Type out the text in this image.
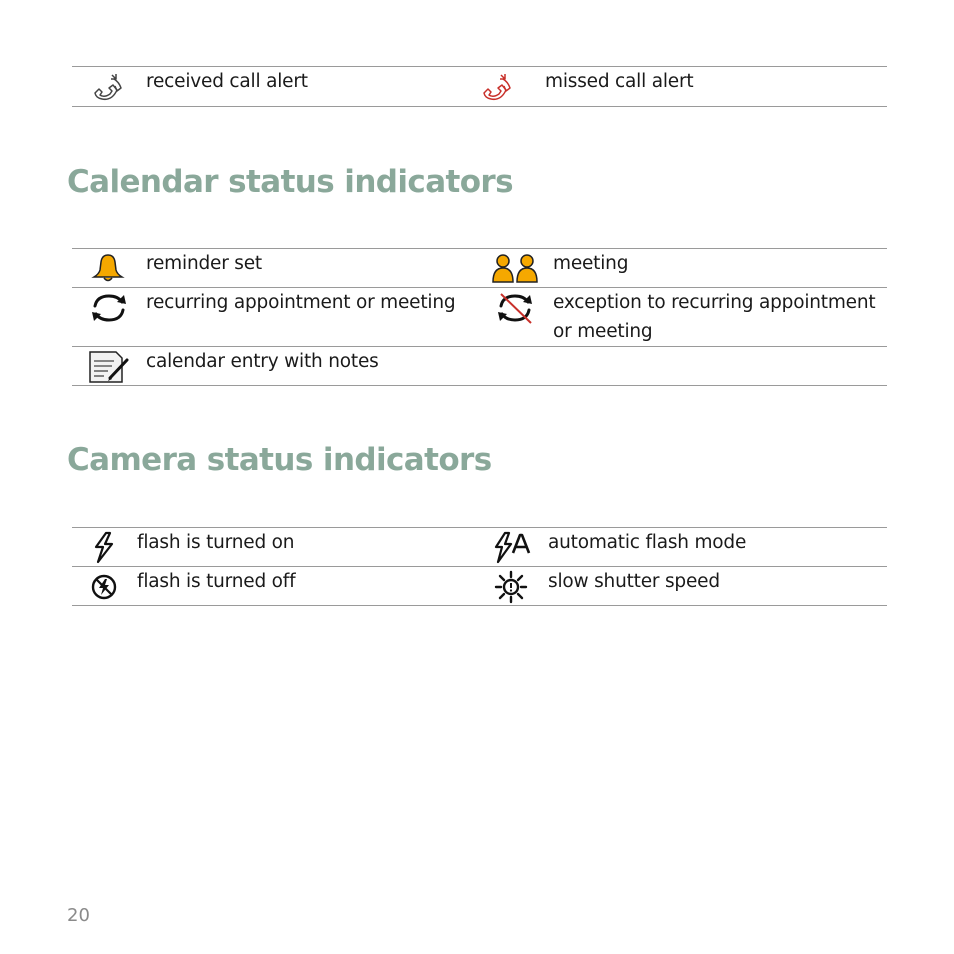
received call alert	missed call alert
Calendar status indicators
reminder set	meeting
recurring appointment or meeting	exception to recurring appointment
or meeting
calendar entry with notes
Camera status indicators
flash is turned on	automatic flash mode
flash is turned off	slow shutter speed
20
